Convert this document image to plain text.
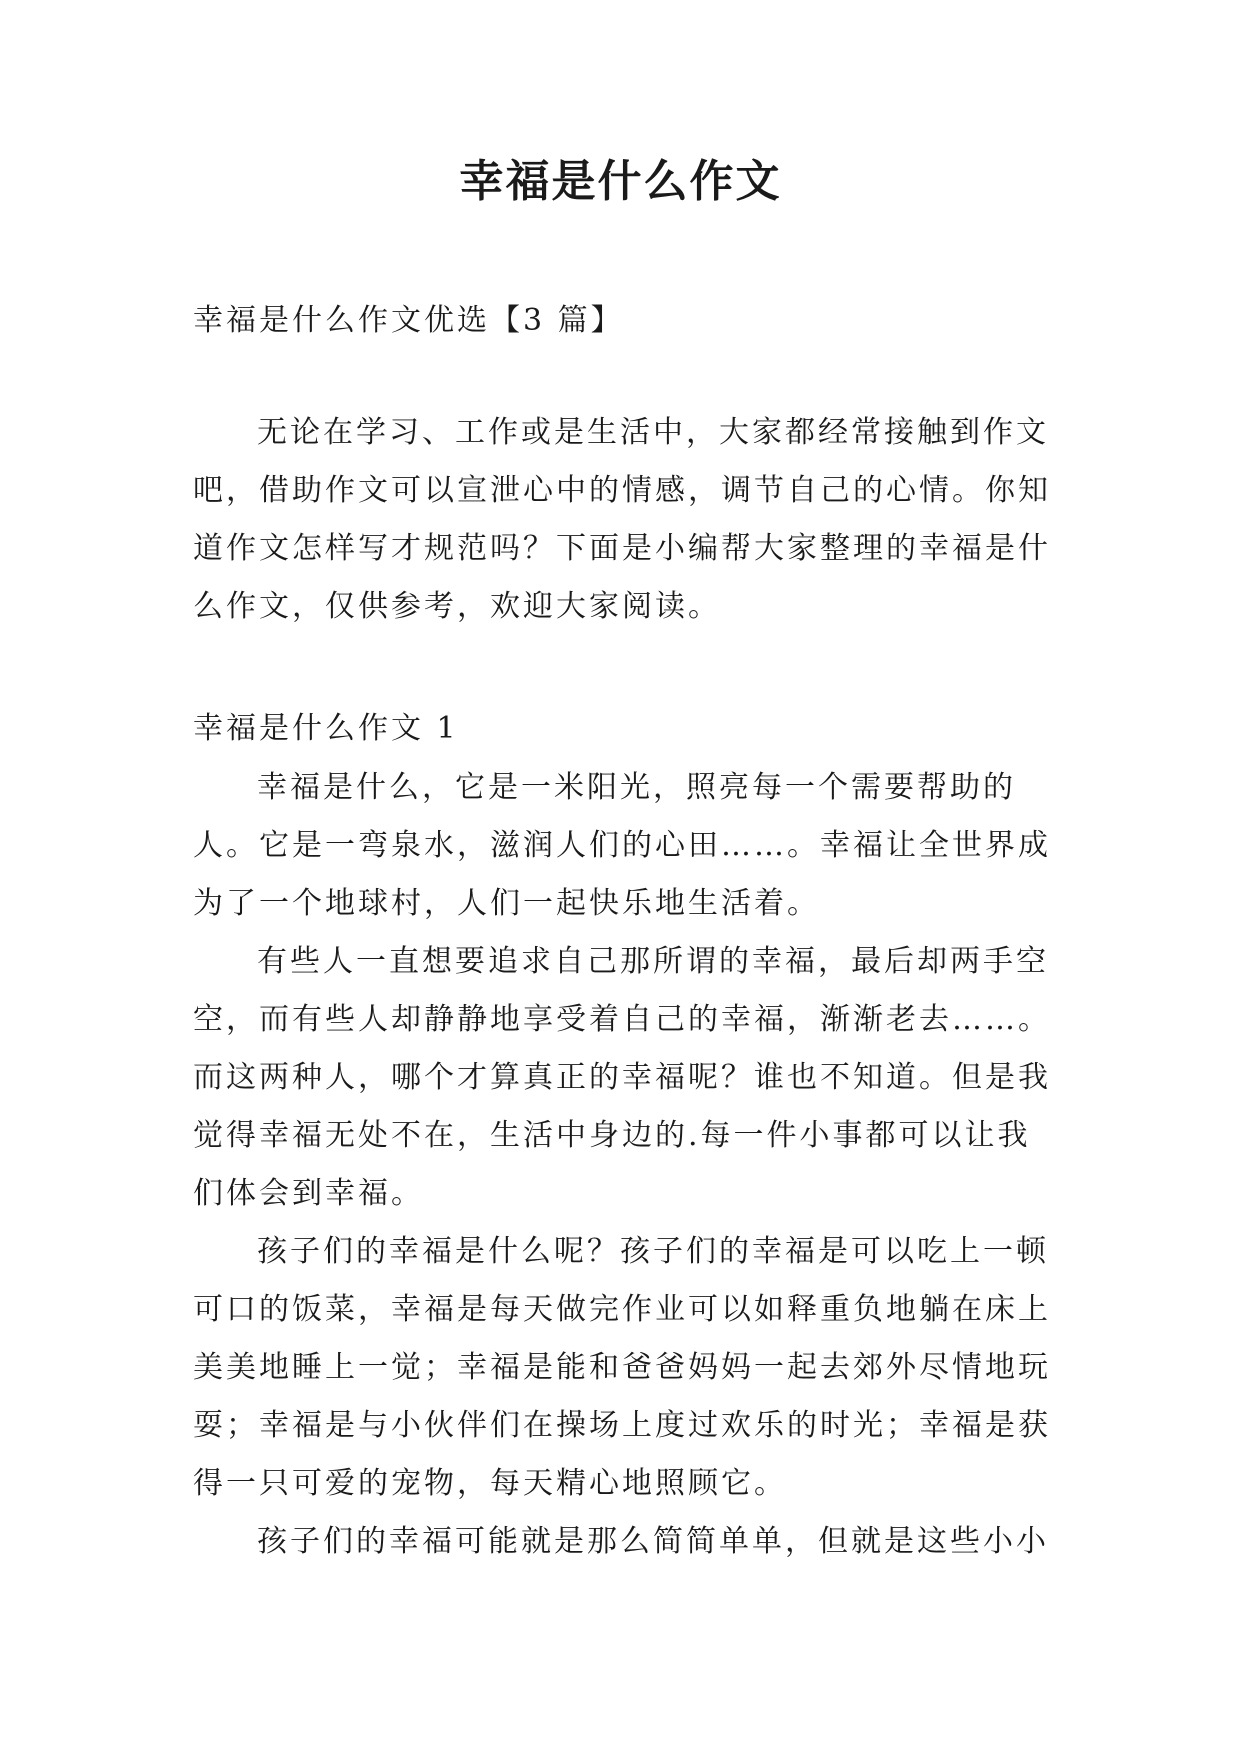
幸福是什么作文

幸福是什么作文优选【3 篇】

无论在学习、工作或是生活中，大家都经常接触到作文吧，借助作文可以宣泄心中的情感，调节自己的心情。你知道作文怎样写才规范吗？下面是小编帮大家整理的幸福是什么作文，仅供参考，欢迎大家阅读。

幸福是什么作文 1

幸福是什么，它是一米阳光，照亮每一个需要帮助的人。它是一弯泉水，滋润人们的心田……。幸福让全世界成为了一个地球村，人们一起快乐地生活着。

有些人一直想要追求自己那所谓的幸福，最后却两手空空，而有些人却静静地享受着自己的幸福，渐渐老去……。而这两种人，哪个才算真正的幸福呢？谁也不知道。但是我觉得幸福无处不在，生活中身边的.每一件小事都可以让我们体会到幸福。

孩子们的幸福是什么呢？孩子们的幸福是可以吃上一顿可口的饭菜，幸福是每天做完作业可以如释重负地躺在床上美美地睡上一觉；幸福是能和爸爸妈妈一起去郊外尽情地玩耍；幸福是与小伙伴们在操场上度过欢乐的时光；幸福是获得一只可爱的宠物，每天精心地照顾它。

孩子们的幸福可能就是那么简简单单，但就是这些小小
